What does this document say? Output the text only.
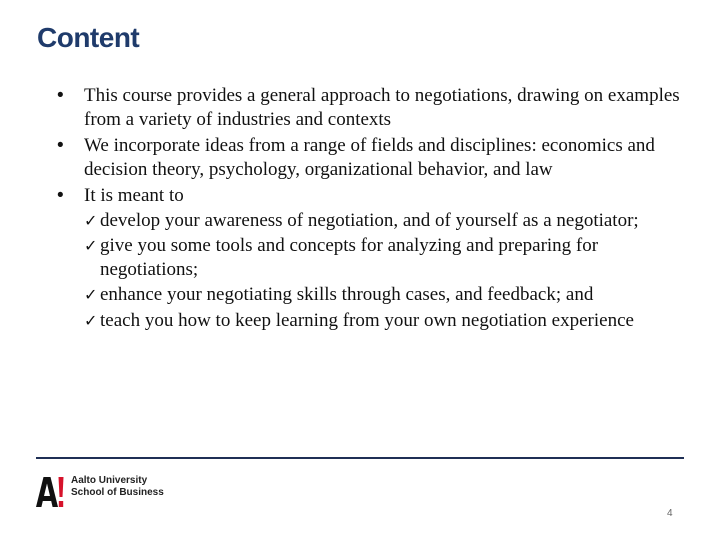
Content
• This course provides a general approach to negotiations, drawing on examples from a variety of industries and contexts
• We incorporate ideas from a range of fields and disciplines: economics and decision theory, psychology, organizational behavior, and law
• It is meant to
✓ develop your awareness of negotiation, and of yourself as a negotiator;
✓ give you some tools and concepts for analyzing and preparing for negotiations;
✓ enhance your negotiating skills through cases, and feedback; and
✓ teach you how to keep learning from your own negotiation experience
Aalto University
School of Business
4
